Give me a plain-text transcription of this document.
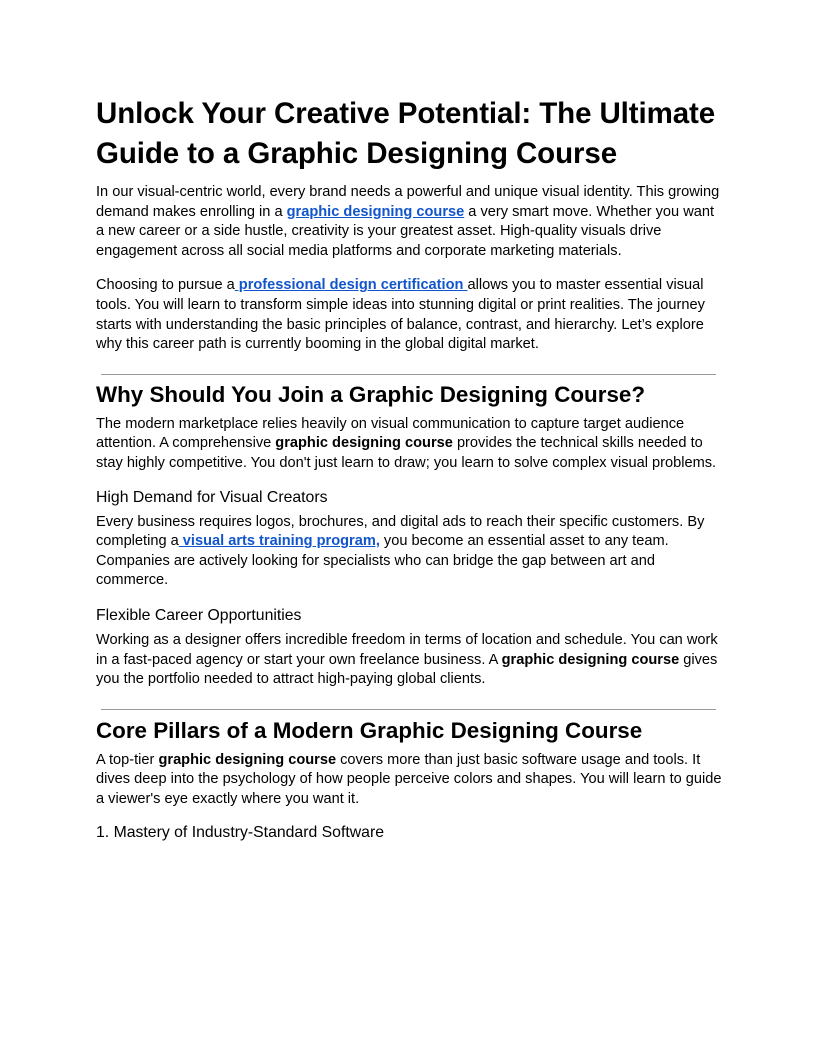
Unlock Your Creative Potential: The Ultimate Guide to a Graphic Designing Course

In our visual-centric world, every brand needs a powerful and unique visual identity. This growing demand makes enrolling in a graphic designing course a very smart move. Whether you want a new career or a side hustle, creativity is your greatest asset. High-quality visuals drive engagement across all social media platforms and corporate marketing materials.

Choosing to pursue a professional design certification allows you to master essential visual tools. You will learn to transform simple ideas into stunning digital or print realities. The journey starts with understanding the basic principles of balance, contrast, and hierarchy. Let’s explore why this career path is currently booming in the global digital market.

Why Should You Join a Graphic Designing Course?

The modern marketplace relies heavily on visual communication to capture target audience attention. A comprehensive graphic designing course provides the technical skills needed to stay highly competitive. You don't just learn to draw; you learn to solve complex visual problems.

High Demand for Visual Creators

Every business requires logos, brochures, and digital ads to reach their specific customers. By completing a visual arts training program, you become an essential asset to any team. Companies are actively looking for specialists who can bridge the gap between art and commerce.

Flexible Career Opportunities

Working as a designer offers incredible freedom in terms of location and schedule. You can work in a fast-paced agency or start your own freelance business. A graphic designing course gives you the portfolio needed to attract high-paying global clients.

Core Pillars of a Modern Graphic Designing Course

A top-tier graphic designing course covers more than just basic software usage and tools. It dives deep into the psychology of how people perceive colors and shapes. You will learn to guide a viewer's eye exactly where you want it.

1. Mastery of Industry-Standard Software
